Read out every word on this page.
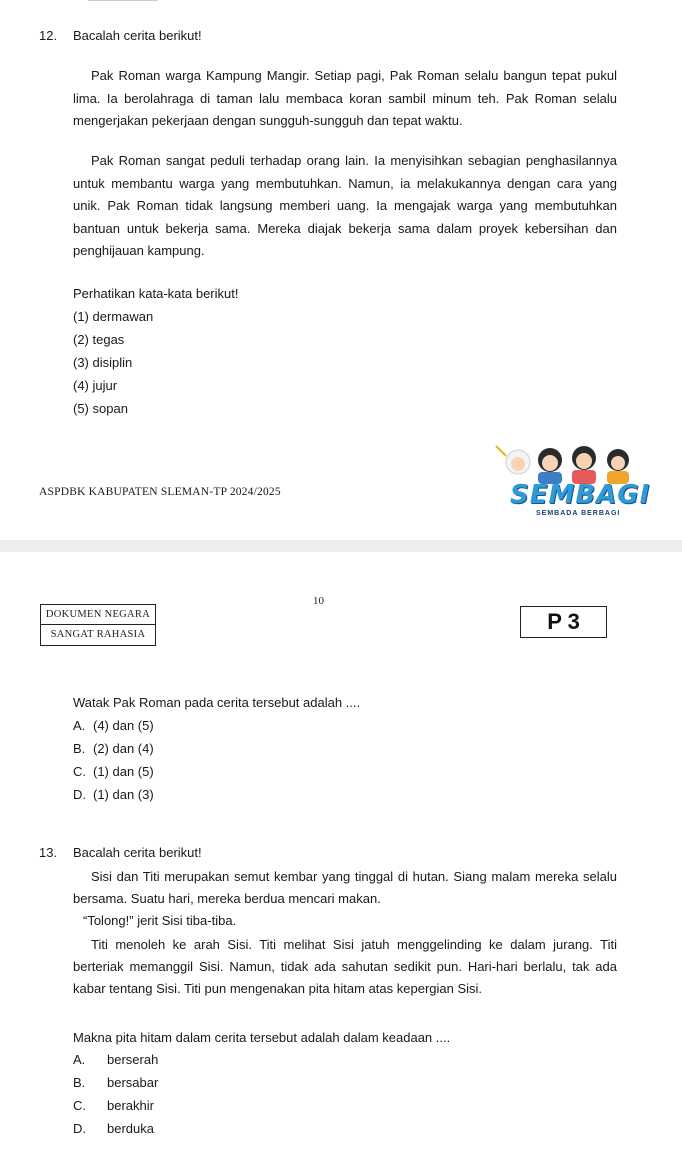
12. Bacalah cerita berikut!
Pak Roman warga Kampung Mangir. Setiap pagi, Pak Roman selalu bangun tepat pukul lima. Ia berolahraga di taman lalu membaca koran sambil minum teh. Pak Roman selalu mengerjakan pekerjaan dengan sungguh-sungguh dan tepat waktu.
Pak Roman sangat peduli terhadap orang lain. Ia menyisihkan sebagian penghasilannya untuk membantu warga yang membutuhkan. Namun, ia melakukannya dengan cara yang unik. Pak Roman tidak langsung memberi uang. Ia mengajak warga yang membutuhkan bantuan untuk bekerja sama. Mereka diajak bekerja sama dalam proyek kebersihan dan penghijauan kampung.
Perhatikan kata-kata berikut!
(1) dermawan
(2) tegas
(3) disiplin
(4) jujur
(5) sopan
ASPDBK KABUPATEN SLEMAN-TP 2024/2025	SEMBAGI
SEMBADA BERBAGI
10
DOKUMEN NEGARA
SANGAT RAHASIA
P 3
Watak Pak Roman pada cerita tersebut adalah ....
A. (4) dan (5)
B. (2) dan (4)
C. (1) dan (5)
D. (1) dan (3)
13. Bacalah cerita berikut!
Sisi dan Titi merupakan semut kembar yang tinggal di hutan. Siang malam mereka selalu bersama. Suatu hari, mereka berdua mencari makan.
“Tolong!” jerit Sisi tiba-tiba.
Titi menoleh ke arah Sisi. Titi melihat Sisi jatuh menggelinding ke dalam jurang. Titi berteriak memanggil Sisi. Namun, tidak ada sahutan sedikit pun. Hari-hari berlalu, tak ada kabar tentang Sisi. Titi pun mengenakan pita hitam atas kepergian Sisi.
Makna pita hitam dalam cerita tersebut adalah dalam keadaan ....
A. berserah
B. bersabar
C. berakhir
D. berduka
